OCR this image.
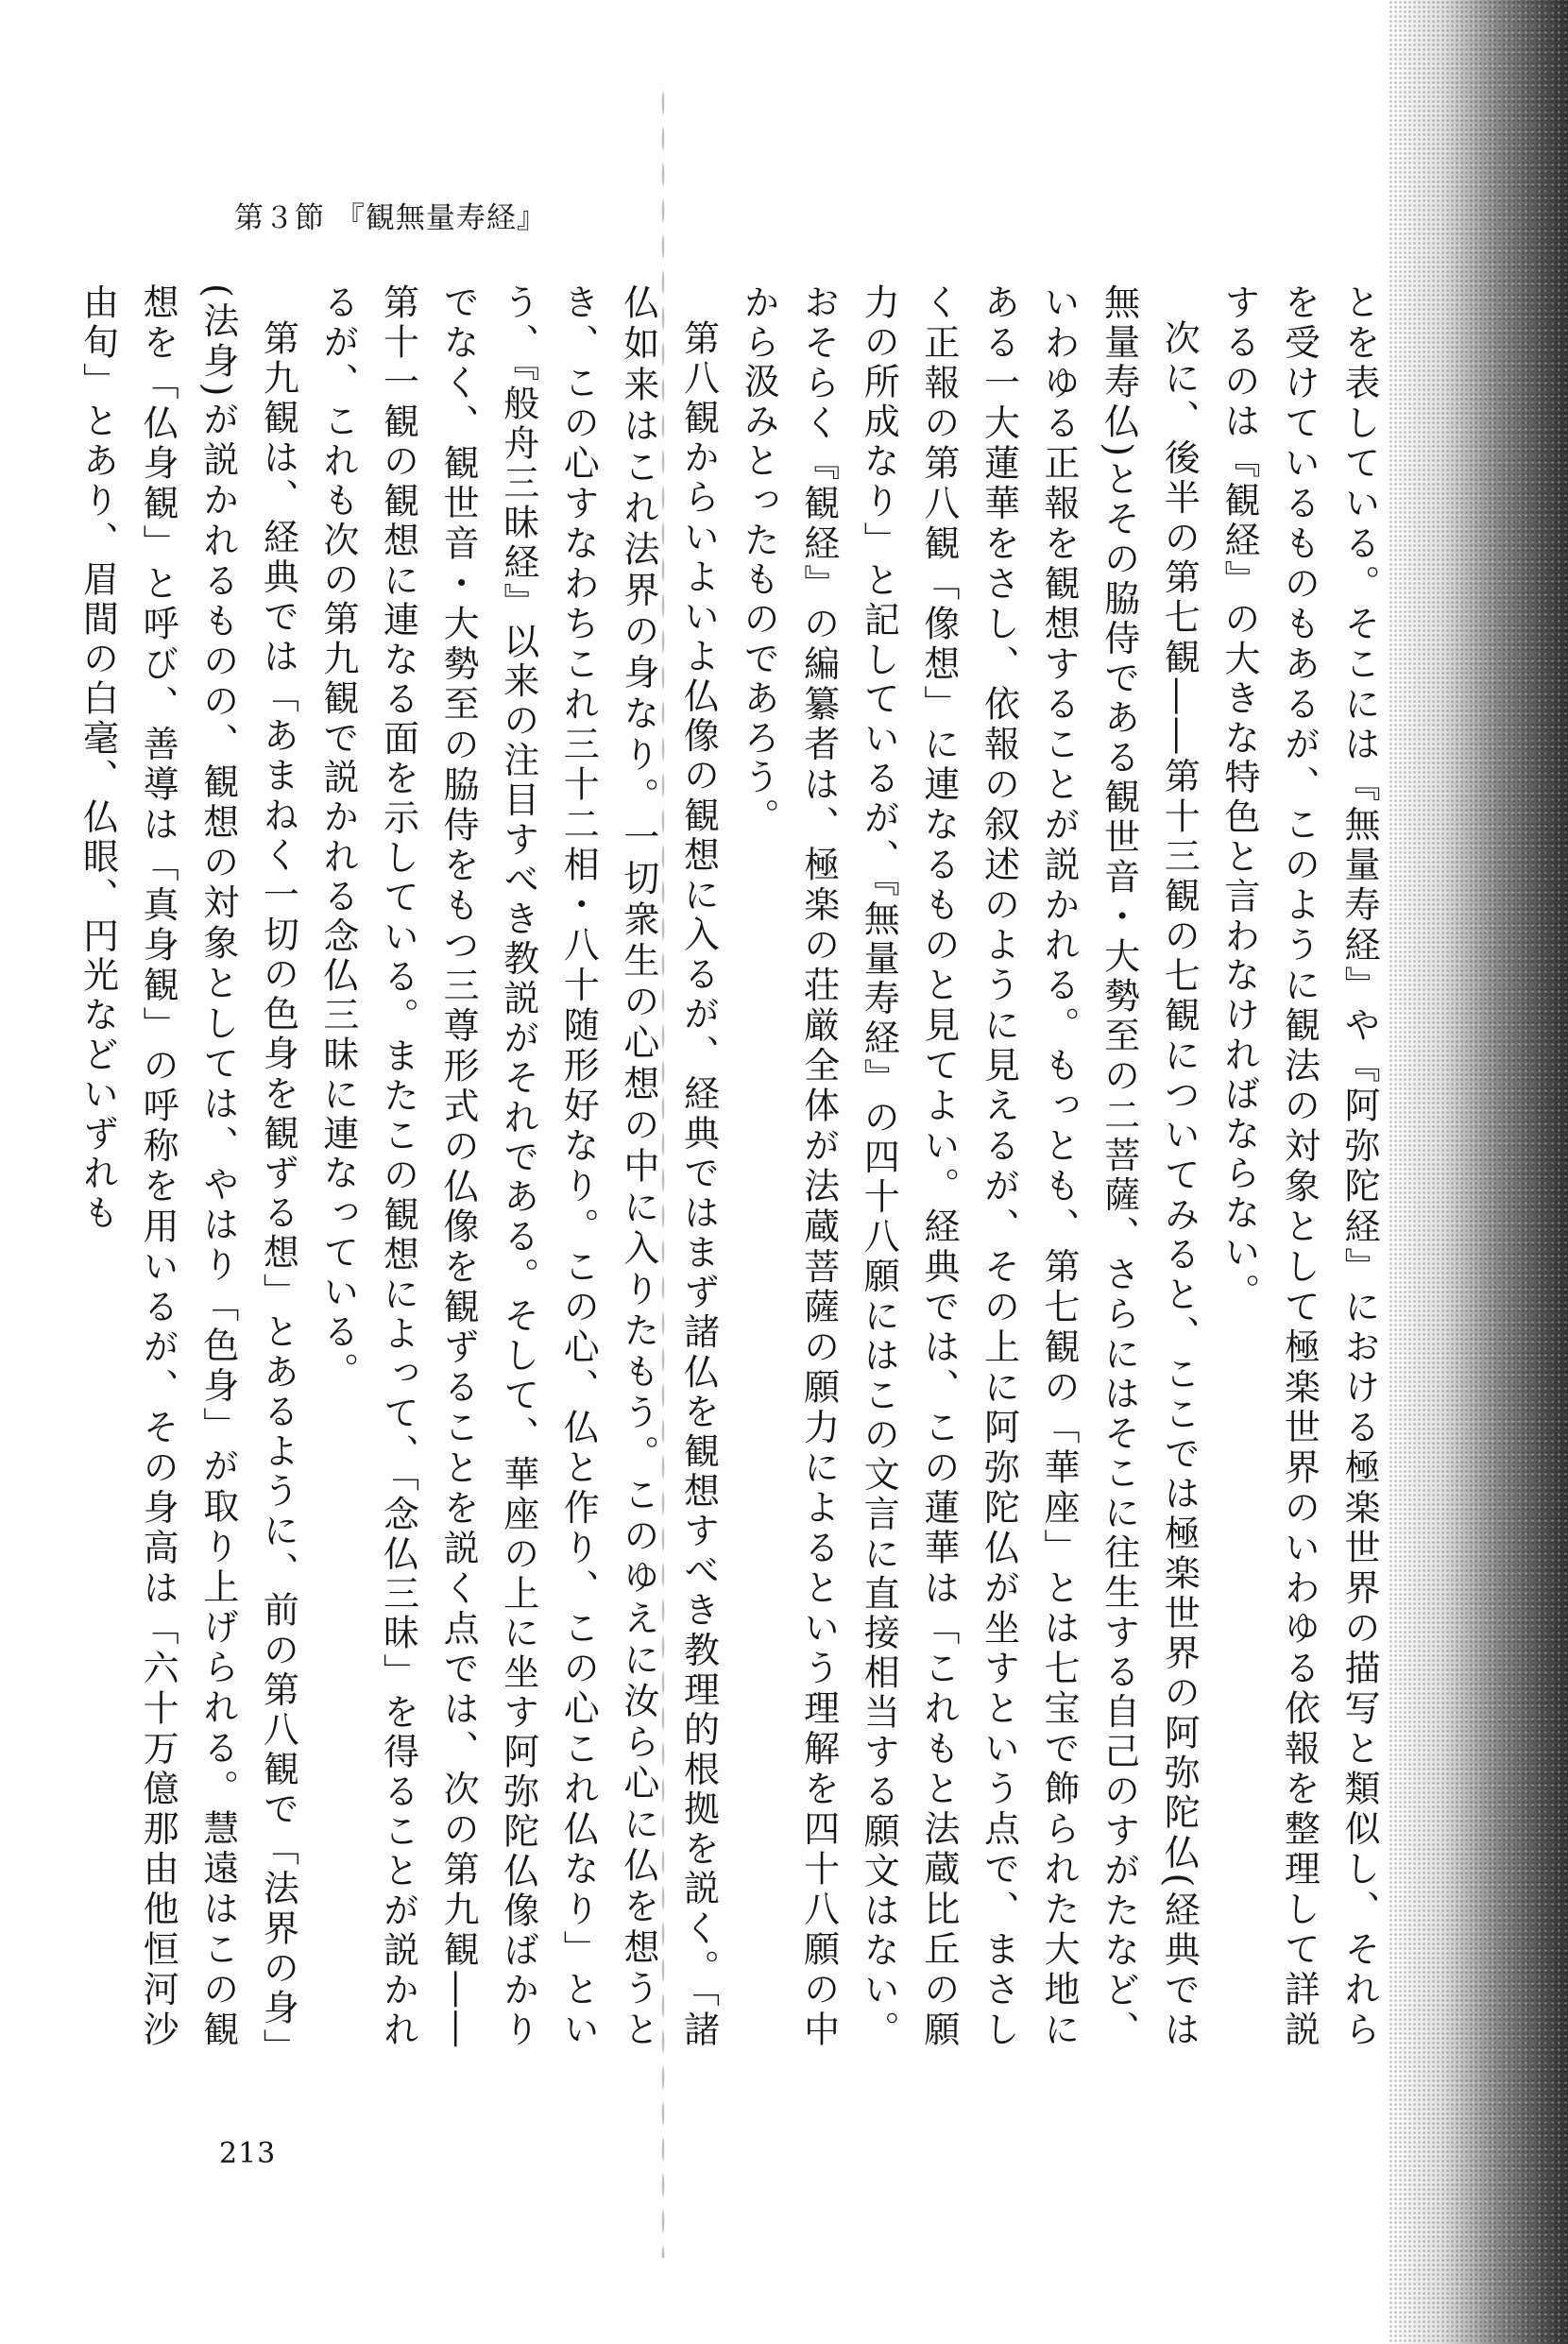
第３節 『観無量寿経』

とを表している。そこには『無量寿経』や『阿弥陀経』における極楽世界の描写と類似し、それらを受けているものもあるが、このように観法の対象として極楽世界のいわゆる依報を整理して詳説するのは『観経』の大きな特色と言わなければならない。

次に、後半の第七観――第十三観の七観についてみると、ここでは極楽世界の阿弥陀仏(経典では無量寿仏)とその脇侍である観世音・大勢至の二菩薩、さらにはそこに往生する自己のすがたなど、いわゆる正報を観想することが説かれる。もっとも、第七観の「華座」とは七宝で飾られた大地にある一大蓮華をさし、依報の叙述のように見えるが、その上に阿弥陀仏が坐すという点で、まさしく正報の第八観「像想」に連なるものと見てよい。経典では、この蓮華は「これもと法蔵比丘の願力の所成なり」と記しているが、『無量寿経』の四十八願にはこの文言に直接相当する願文はない。おそらく『観経』の編纂者は、極楽の荘厳全体が法蔵菩薩の願力によるという理解を四十八願の中から汲みとったものであろう。

第八観からいよいよ仏像の観想に入るが、経典ではまず諸仏を観想すべき教理的根拠を説く。「諸仏如来はこれ法界の身なり。一切衆生の心想の中に入りたもう。このゆえに汝ら心に仏を想うとき、この心すなわちこれ三十二相・八十随形好なり。この心、仏と作り、この心これ仏なり」という、『般舟三昧経』以来の注目すべき教説がそれである。そして、華座の上に坐す阿弥陀仏像ばかりでなく、観世音・大勢至の脇侍をもつ三尊形式の仏像を観ずることを説く点では、次の第九観――第十一観の観想に連なる面を示している。またこの観想によって、「念仏三昧」を得ることが説かれるが、これも次の第九観で説かれる念仏三昧に連なっている。

第九観は、経典では「あまねく一切の色身を観ずる想」とあるように、前の第八観で「法界の身」(法身)が説かれるものの、観想の対象としては、やはり「色身」が取り上げられる。慧遠はこの観想を「仏身観」と呼び、善導は「真身観」の呼称を用いるが、その身高は「六十万億那由他恒河沙由旬」とあり、眉間の白毫、仏眼、円光などいずれも

213
